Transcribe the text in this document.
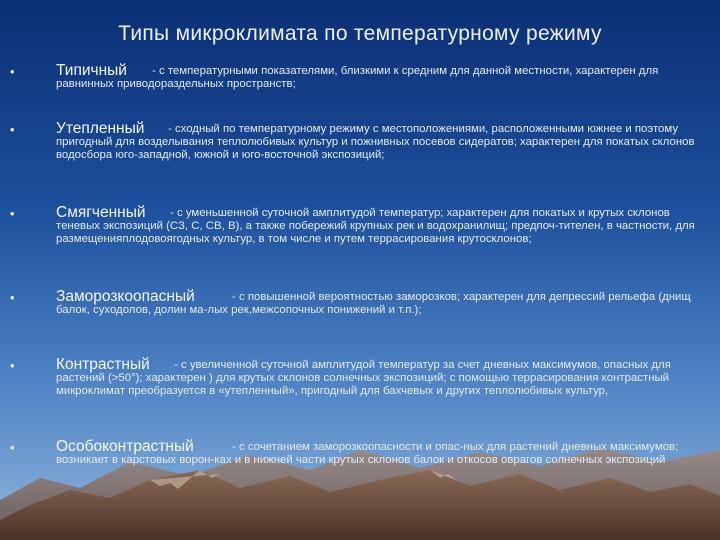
Типы микроклимата по температурному режиму
•	Типичный	- с температурными показателями, близкими к средним для данной местности, характерен для равнинных приводораздельных пространств;

•	Утепленный	- сходный по температурному режиму с местоположениями, расположенными южнее и поэтому пригодный для возделывания теплолюбивых культур и пожнивных посевов сидератов; характерен для покатых склонов водосбора юго-западной, южной и юго-восточной экспозиций;

•	Смягченный	- с уменьшенной суточной амплитудой температур; характерен для покатых и крутых склонов теневых экспозиций (СЗ, С, СВ, В), а также побережий крупных рек и водохранилищ; предпоч-тителен, в частности, для размещенияплодовоягодных культур, в том числе и путем террасирования крутосклонов;

•	Заморозкоопасный	- с повышенной вероятностью заморозков; характерен для депрессий рельефа (днищ балок, суходолов, долин ма-лых рек,межсопочных понижений и т.п.);

•	Контрастный	- с увеличенной суточной амплитудой температур за счет дневных максимумов, опасных для растений (>50°); характерен ) для крутых склонов солнечных экспозиций; с помощью террасирования контрастный микроклимат преобразуется в «утепленный», пригодный для бахчевых и других теплолюбивых культур,

•	Особоконтрастный	- с сочетанием заморозкоопасности и опас-ных для растений дневных максимумов; возникает в карстовых ворон-ках и в нижней части крутых склонов балок и откосов оврагов солнечных экспозиций
